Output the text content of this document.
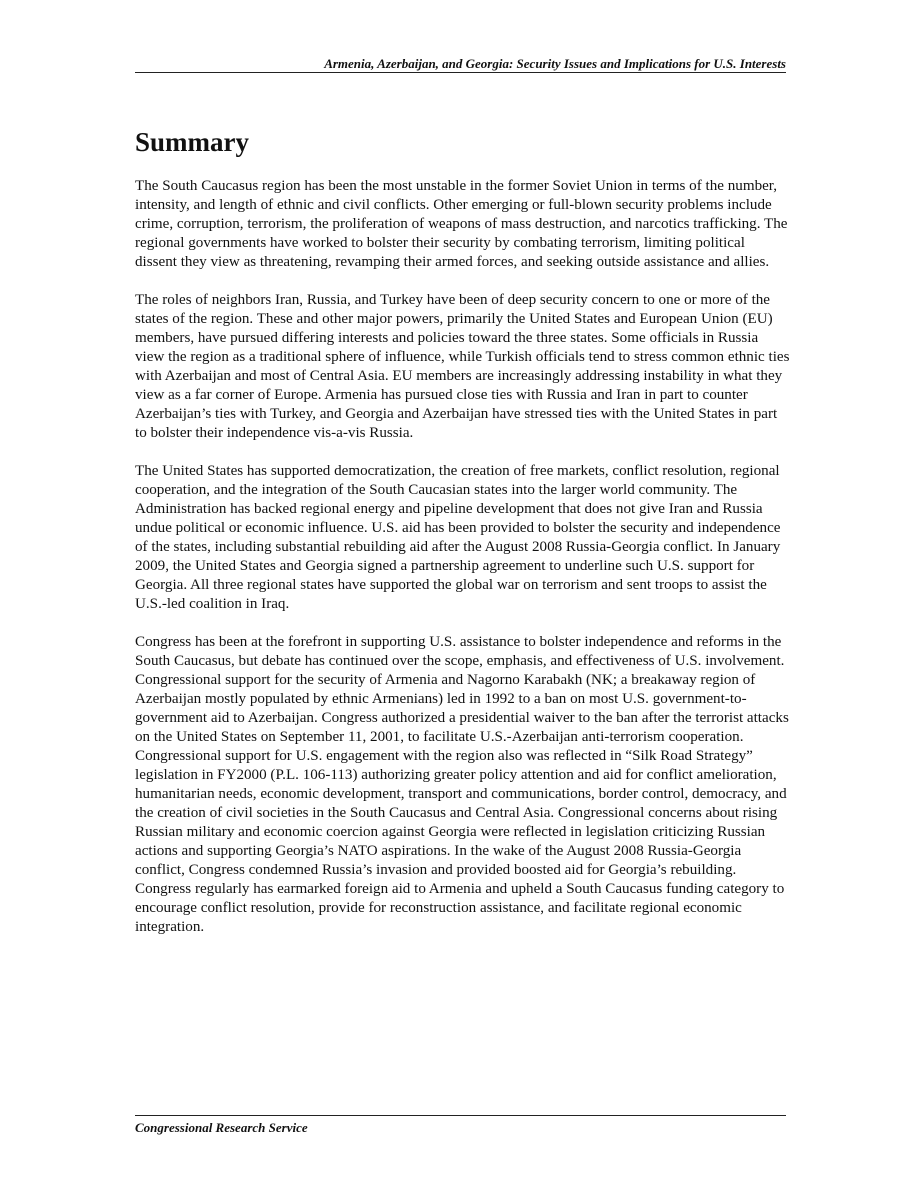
Armenia, Azerbaijan, and Georgia: Security Issues and Implications for U.S. Interests
Summary

The South Caucasus region has been the most unstable in the former Soviet Union in terms of the number, intensity, and length of ethnic and civil conflicts. Other emerging or full-blown security problems include crime, corruption, terrorism, the proliferation of weapons of mass destruction, and narcotics trafficking. The regional governments have worked to bolster their security by combating terrorism, limiting political dissent they view as threatening, revamping their armed forces, and seeking outside assistance and allies.

The roles of neighbors Iran, Russia, and Turkey have been of deep security concern to one or more of the states of the region. These and other major powers, primarily the United States and European Union (EU) members, have pursued differing interests and policies toward the three states. Some officials in Russia view the region as a traditional sphere of influence, while Turkish officials tend to stress common ethnic ties with Azerbaijan and most of Central Asia. EU members are increasingly addressing instability in what they view as a far corner of Europe. Armenia has pursued close ties with Russia and Iran in part to counter Azerbaijan’s ties with Turkey, and Georgia and Azerbaijan have stressed ties with the United States in part to bolster their independence vis-a-vis Russia.

The United States has supported democratization, the creation of free markets, conflict resolution, regional cooperation, and the integration of the South Caucasian states into the larger world community. The Administration has backed regional energy and pipeline development that does not give Iran and Russia undue political or economic influence. U.S. aid has been provided to bolster the security and independence of the states, including substantial rebuilding aid after the August 2008 Russia-Georgia conflict. In January 2009, the United States and Georgia signed a partnership agreement to underline such U.S. support for Georgia. All three regional states have supported the global war on terrorism and sent troops to assist the U.S.-led coalition in Iraq.

Congress has been at the forefront in supporting U.S. assistance to bolster independence and reforms in the South Caucasus, but debate has continued over the scope, emphasis, and effectiveness of U.S. involvement. Congressional support for the security of Armenia and Nagorno Karabakh (NK; a breakaway region of Azerbaijan mostly populated by ethnic Armenians) led in 1992 to a ban on most U.S. government-to-government aid to Azerbaijan. Congress authorized a presidential waiver to the ban after the terrorist attacks on the United States on September 11, 2001, to facilitate U.S.-Azerbaijan anti-terrorism cooperation. Congressional support for U.S. engagement with the region also was reflected in “Silk Road Strategy” legislation in FY2000 (P.L. 106-113) authorizing greater policy attention and aid for conflict amelioration, humanitarian needs, economic development, transport and communications, border control, democracy, and the creation of civil societies in the South Caucasus and Central Asia. Congressional concerns about rising Russian military and economic coercion against Georgia were reflected in legislation criticizing Russian actions and supporting Georgia’s NATO aspirations. In the wake of the August 2008 Russia-Georgia conflict, Congress condemned Russia’s invasion and provided boosted aid for Georgia’s rebuilding. Congress regularly has earmarked foreign aid to Armenia and upheld a South Caucasus funding category to encourage conflict resolution, provide for reconstruction assistance, and facilitate regional economic integration.

Congressional Research Service
